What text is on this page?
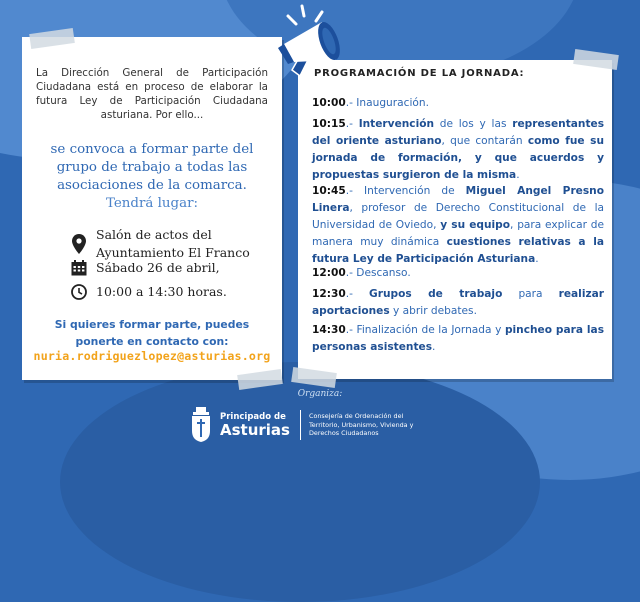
La Dirección General de Participación Ciudadana está en proceso de elaborar la futura Ley de Participación Ciudadana asturiana. Por ello...

se convoca a formar parte del grupo de trabajo a todas las asociaciones de la comarca.
Tendrá lugar:

Salón de actos del
Ayuntamiento El Franco
Sábado 26 de abril,
10:00 a 14:30 horas.

Si quieres formar parte, puedes ponerte en contacto con:

nuria.rodriguezlopez@asturias.org
PROGRAMACIÓN DE LA JORNADA:
10:00.- Inauguración.
10:15.- Intervención de los y las representantes del oriente asturiano, que contarán como fue su jornada de formación, y que acuerdos y propuestas surgieron de la misma.
10:45.- Intervención de Miguel Angel Presno Linera, profesor de Derecho Constitucional de la Universidad de Oviedo, y su equipo, para explicar de manera muy dinámica cuestiones relativas a la futura Ley de Participación Asturiana.
12:00.- Descanso.
12:30.- Grupos de trabajo para realizar aportaciones y abrir debates.
14:30.- Finalización de la Jornada y pincheo para las personas asistentes.
Organiza:
Principado de
Asturias
Consejería de Ordenación del Territorio, Urbanismo, Vivienda y Derechos Ciudadanos
